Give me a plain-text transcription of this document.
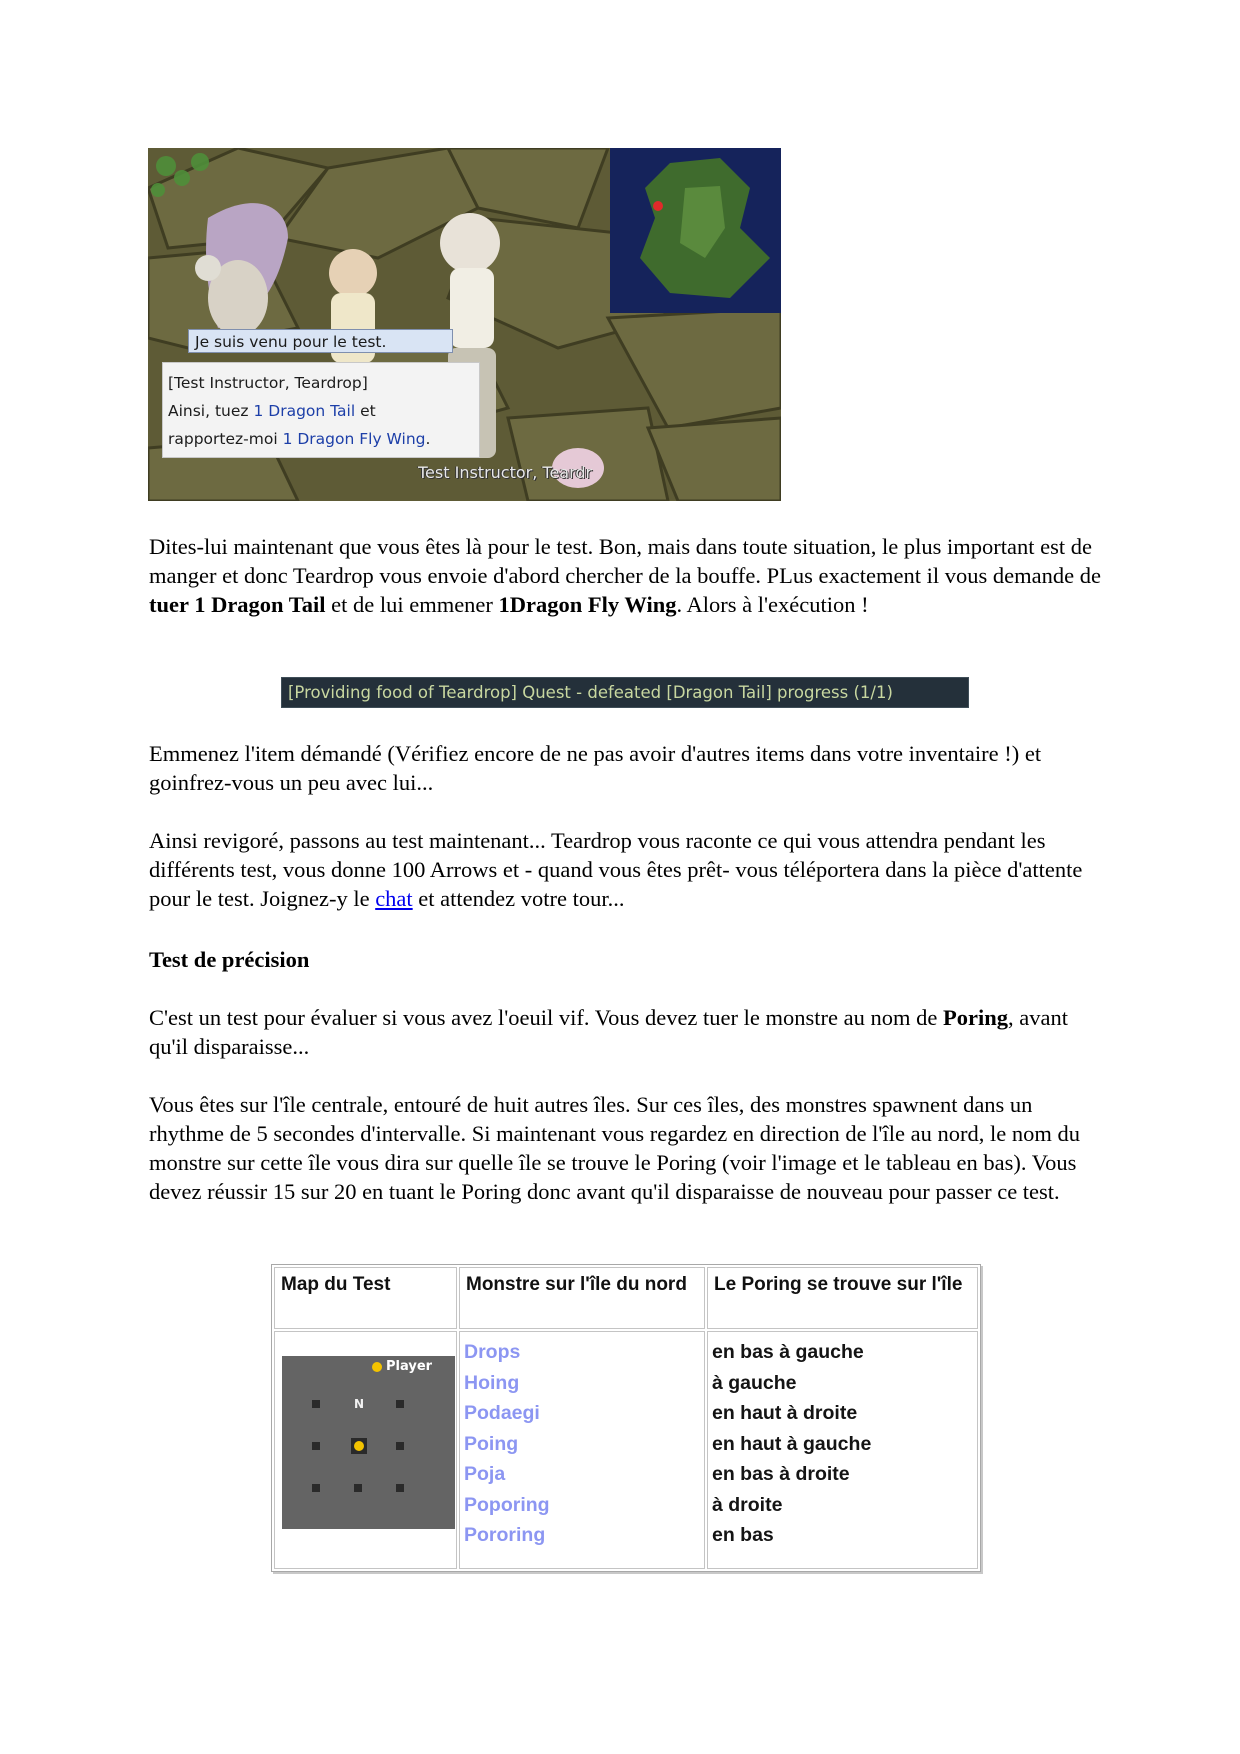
Je suis venu pour le test.
[Test Instructor, Teardrop]
Ainsi, tuez 1 Dragon Tail et
rapportez-moi 1 Dragon Fly Wing.
Test Instructor, Teardr

Dites-lui maintenant que vous êtes là pour le test. Bon, mais dans toute situation, le plus important est de manger et donc Teardrop vous envoie d'abord chercher de la bouffe. PLus exactement il vous demande de tuer 1 Dragon Tail et de lui emmener 1Dragon Fly Wing. Alors à l'exécution !

[Providing food of Teardrop] Quest - defeated [Dragon Tail] progress (1/1)

Emmenez l'item démandé (Vérifiez encore de ne pas avoir d'autres items dans votre inventaire !) et goinfrez-vous un peu avec lui...

Ainsi revigoré, passons au test maintenant... Teardrop vous raconte ce qui vous attendra pendant les différents test, vous donne 100 Arrows et - quand vous êtes prêt- vous téléportera dans la pièce d'attente pour le test. Joignez-y le chat et attendez votre tour...

Test de précision

C'est un test pour évaluer si vous avez l'oeuil vif. Vous devez tuer le monstre au nom de Poring, avant qu'il disparaisse...

Vous êtes sur l'île centrale, entouré de huit autres îles. Sur ces îles, des monstres spawnent dans un rhythme de 5 secondes d'intervalle. Si maintenant vous regardez en direction de l'île au nord, le nom du monstre sur cette île vous dira sur quelle île se trouve le Poring (voir l'image et le tableau en bas). Vous devez réussir 15 sur 20 en tuant le Poring donc avant qu'il disparaisse de nouveau pour passer ce test.

Map du Test	Monstre sur l'île du nord	Le Poring se trouve sur l'île
Player
N
Drops
Hoing
Podaegi
Poing
Poja
Poporing
Pororing
en bas à gauche
à gauche
en haut à droite
en haut à gauche
en bas à droite
à droite
en bas
